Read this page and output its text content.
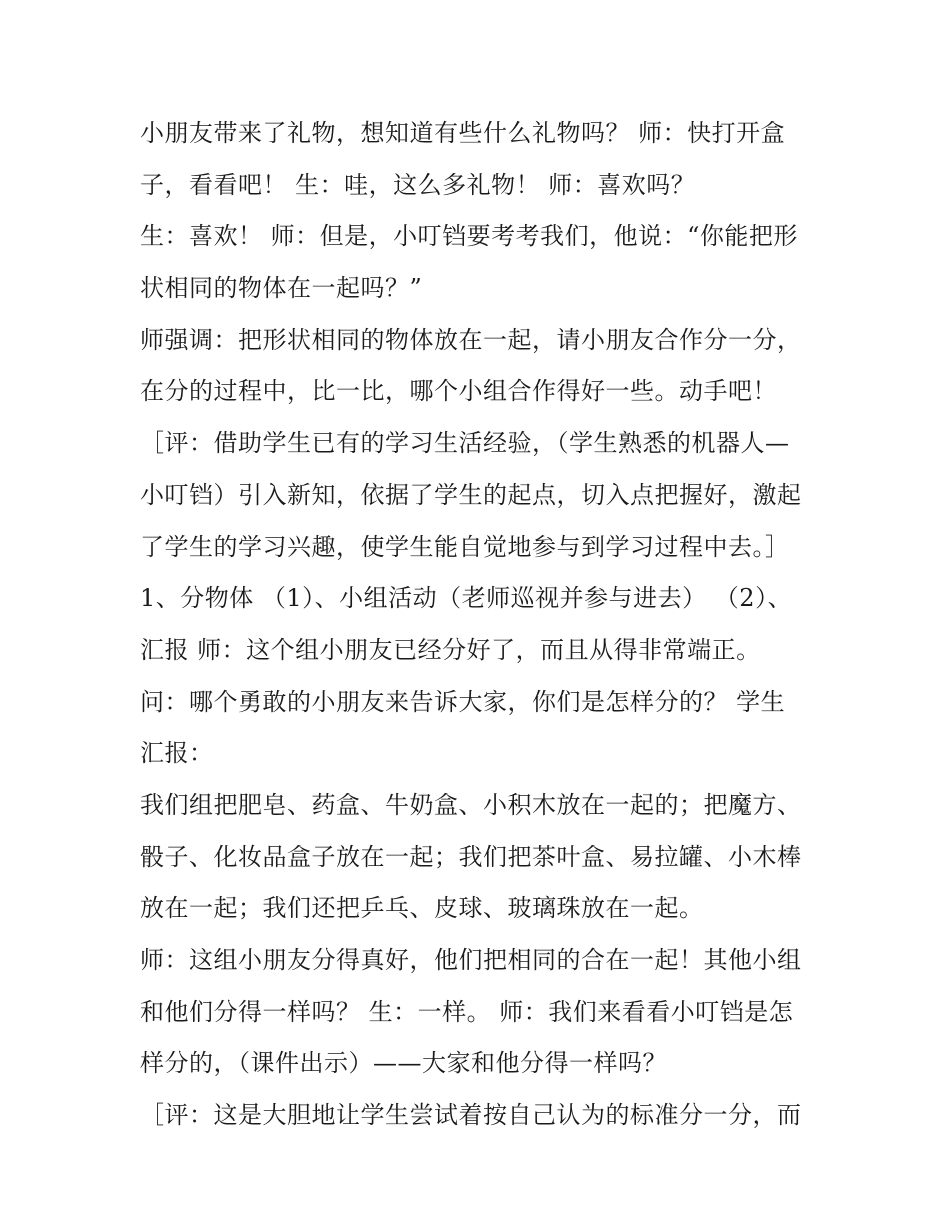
小朋友带来了礼物，想知道有些什么礼物吗？ 师：快打开盒
子，看看吧！ 生：哇，这么多礼物！ 师：喜欢吗？
生：喜欢！ 师：但是，小叮铛要考考我们，他说：“你能把形
状相同的物体在一起吗？”
师强调：把形状相同的物体放在一起，请小朋友合作分一分，
在分的过程中，比一比，哪个小组合作得好一些。动手吧！
［评：借助学生已有的学习生活经验，（学生熟悉的机器人—
小叮铛）引入新知，依据了学生的起点，切入点把握好，激起
了学生的学习兴趣，使学生能自觉地参与到学习过程中去。］
1、分物体 （1）、小组活动（老师巡视并参与进去） （2）、
汇报 师：这个组小朋友已经分好了，而且从得非常端正。
问：哪个勇敢的小朋友来告诉大家，你们是怎样分的？ 学生
汇报：
我们组把肥皂、药盒、牛奶盒、小积木放在一起的；把魔方、
骰子、化妆品盒子放在一起；我们把茶叶盒、易拉罐、小木棒
放在一起；我们还把乒乓、皮球、玻璃珠放在一起。
师：这组小朋友分得真好，他们把相同的合在一起！其他小组
和他们分得一样吗？ 生：一样。 师：我们来看看小叮铛是怎
样分的，（课件出示）——大家和他分得一样吗？
［评：这是大胆地让学生尝试着按自己认为的标准分一分，而
